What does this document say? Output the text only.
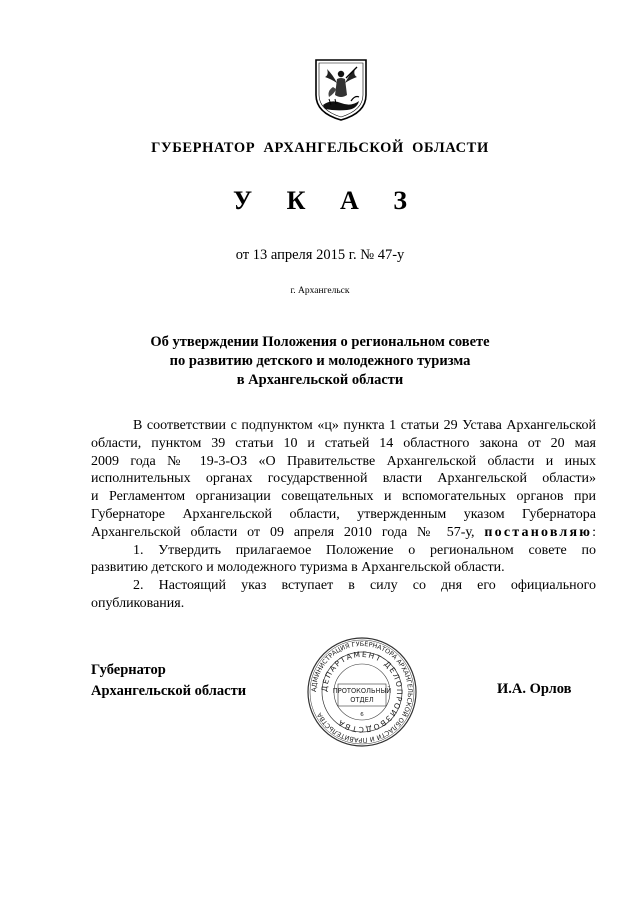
ГУБЕРНАТОР АРХАНГЕЛЬСКОЙ ОБЛАСТИ
У К А З
от 13 апреля 2015 г. № 47-у
г. Архангельск
Об утверждении Положения о региональном совете
по развитию детского и молодежного туризма
в Архангельской области
В соответствии с подпунктом «ц» пункта 1 статьи 29 Устава Архангельской
области, пунктом 39 статьи 10 и статьей 14 областного закона от 20 мая
2009 года № 19-3-ОЗ «О Правительстве Архангельской области и иных
исполнительных органах государственной власти Архангельской области»
и Регламентом организации совещательных и вспомогательных органов при
Губернаторе Архангельской области, утвержденным указом Губернатора
Архангельской области от 09 апреля 2010 года № 57-у, постановляю:
1. Утвердить прилагаемое Положение о региональном совете по
развитию детского и молодежного туризма в Архангельской области.
2. Настоящий указ вступает в силу со дня его официального
опубликования.
Губернатор
Архангельской области	И.А. Орлов
АДМИНИСТРАЦИЯ ГУБЕРНАТОРА АРХАНГЕЛЬСКОЙ ОБЛАСТИ И ПРАВИТЕЛЬСТВА
ДЕПАРТАМЕНТ ДЕЛОПРОИЗВОДСТВА
ПРОТОКОЛЬНЫЙ
ОТДЕЛ
6
